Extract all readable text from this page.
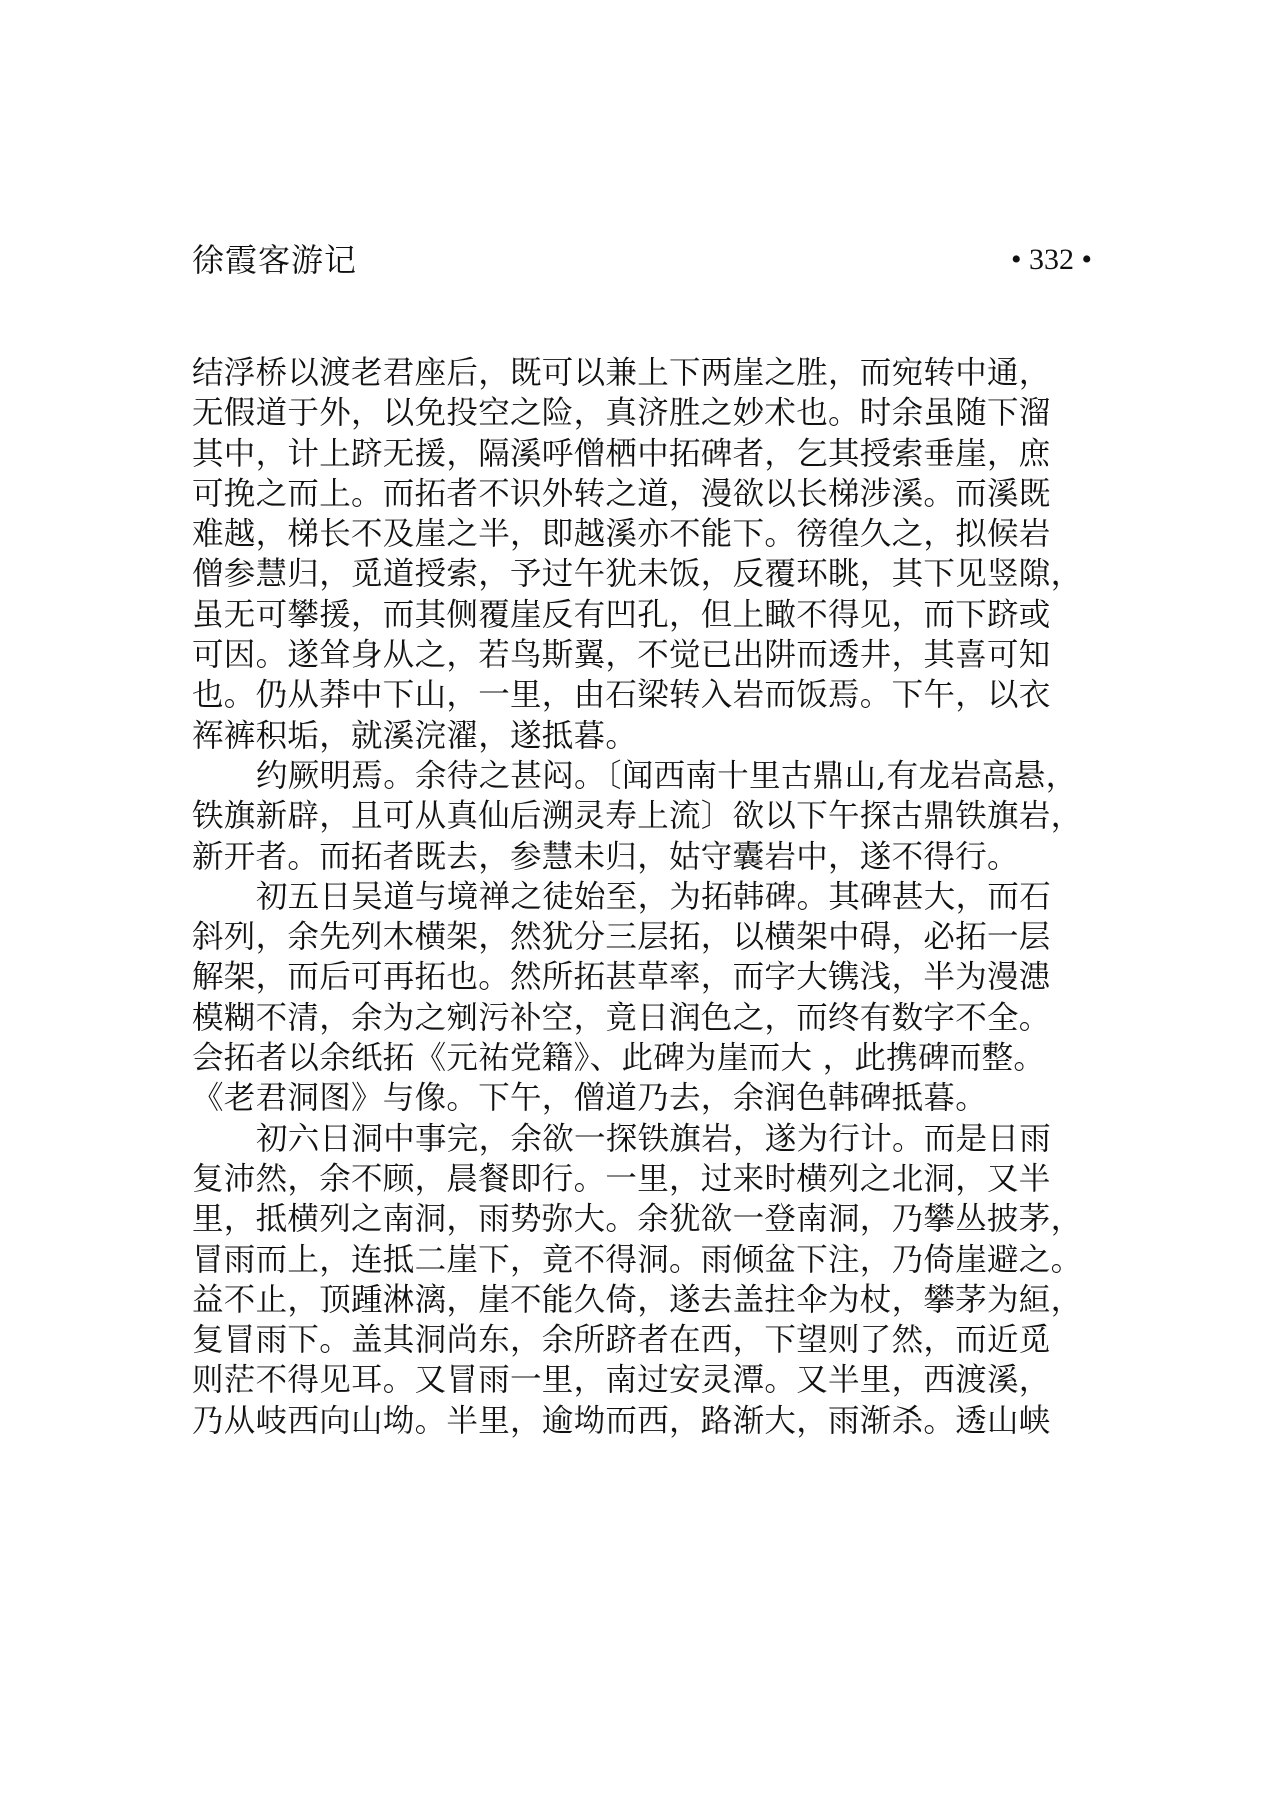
徐霞客游记	• 332 •
结浮桥以渡老君座后，既可以兼上下两崖之胜，而宛转中通，
无假道于外，以免投空之险，真济胜之妙术也。时余虽随下溜
其中，计上跻无援，隔溪呼僧栖中拓碑者，乞其授索垂崖，庶
可挽之而上。而拓者不识外转之道，漫欲以长梯涉溪。而溪既
难越，梯长不及崖之半，即越溪亦不能下。徬徨久之，拟候岩
僧参慧归，觅道授索，予过午犹未饭，反覆环眺，其下见竖隙，
虽无可攀援，而其侧覆崖反有凹孔，但上瞰不得见，而下跻或
可因。遂耸身从之，若鸟斯翼，不觉已出阱而透井，其喜可知
也。仍从莽中下山，一里，由石梁转入岩而饭焉。下午，以衣
裈裤积垢，就溪浣濯，遂抵暮。
约厥明焉。余待之甚闷。〔闻西南十里古鼎山,有龙岩高悬，
铁旗新辟，且可从真仙后溯灵寿上流〕欲以下午探古鼎铁旗岩，
新开者。而拓者既去，参慧未归，姑守囊岩中，遂不得行。
初五日吴道与境禅之徒始至，为拓韩碑。其碑甚大，而石
斜列，余先列木横架，然犹分三层拓，以横架中碍，必拓一层
解架，而后可再拓也。然所拓甚草率，而字大镌浅，半为漫漶
模糊不清，余为之剜污补空，竟日润色之，而终有数字不全。
会拓者以余纸拓《元祐党籍》、此碑为崖而大 ，此携碑而整。
《老君洞图》与像。下午，僧道乃去，余润色韩碑抵暮。
初六日洞中事完，余欲一探铁旗岩，遂为行计。而是日雨
复沛然，余不顾，晨餐即行。一里，过来时横列之北洞，又半
里，抵横列之南洞，雨势弥大。余犹欲一登南洞，乃攀丛披茅，
冒雨而上，连抵二崖下，竟不得洞。雨倾盆下注，乃倚崖避之。
益不止，顶踵淋漓，崖不能久倚，遂去盖拄伞为杖，攀茅为絙，
复冒雨下。盖其洞尚东，余所跻者在西，下望则了然，而近觅
则茫不得见耳。又冒雨一里，南过安灵潭。又半里，西渡溪，
乃从岐西向山坳。半里，逾坳而西，路渐大，雨渐杀。透山峡
